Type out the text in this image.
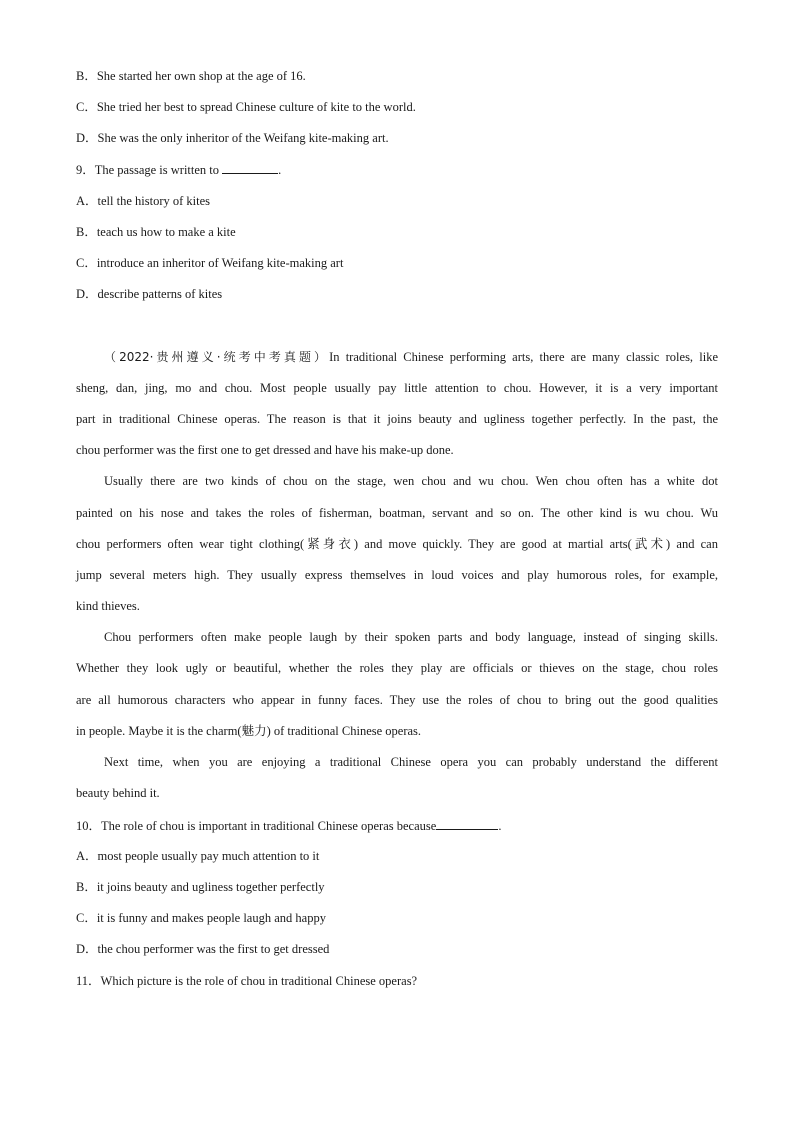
B．She started her own shop at the age of 16.
C．She tried her best to spread Chinese culture of kite to the world.
D．She was the only inheritor of the Weifang kite-making art.
9．The passage is written to	.
A．tell the history of kites
B．teach us how to make a kite
C．introduce an inheritor of Weifang kite-making art
D．describe patterns of kites
（2022·贵州遵义·统考中考真题）In traditional Chinese performing arts, there are many classic roles, like
sheng, dan, jing, mo and chou. Most people usually pay little attention to chou. However, it is a very important
part in traditional Chinese operas. The reason is that it joins beauty and ugliness together perfectly. In the past, the
chou performer was the first one to get dressed and have his make-up done.
Usually there are two kinds of chou on the stage, wen chou and wu chou. Wen chou often has a white dot
painted on his nose and takes the roles of fisherman, boatman, servant and so on. The other kind is wu chou. Wu
chou performers often wear tight clothing(紧身衣) and move quickly. They are good at martial arts(武术) and can
jump several meters high. They usually express themselves in loud voices and play humorous roles, for example,
kind thieves.
Chou performers often make people laugh by their spoken parts and body language, instead of singing skills.
Whether they look ugly or beautiful, whether the roles they play are officials or thieves on the stage, chou roles
are all humorous characters who appear in funny faces. They use the roles of chou to bring out the good qualities
in people. Maybe it is the charm(魅力) of traditional Chinese operas.
Next time, when you are enjoying a traditional Chinese opera you can probably understand the different
beauty behind it.
10．The role of chou is important in traditional Chinese operas because	.
A．most people usually pay much attention to it
B．it joins beauty and ugliness together perfectly
C．it is funny and makes people laugh and happy
D．the chou performer was the first to get dressed
11．Which picture is the role of chou in traditional Chinese operas?
